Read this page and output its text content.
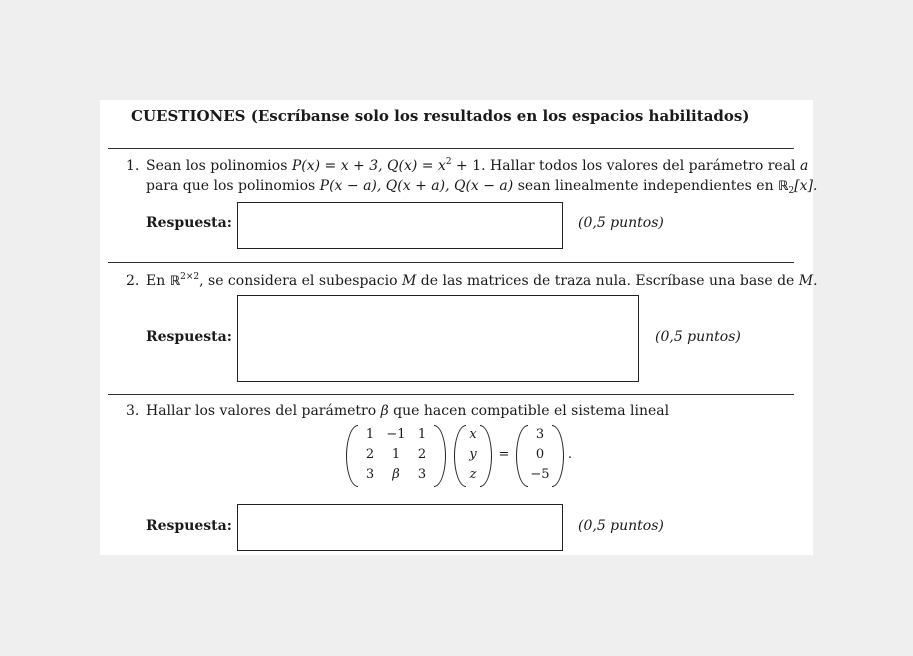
CUESTIONES (Escríbanse solo los resultados en los espacios habilitados)
1. Sean los polinomios P(x) = x + 3, $Q(x) = x^2 + 1$. Hallar todos los valores del parámetro real a
para que los polinomios P(x − a), Q(x + a), Q(x − a) sean linealmente independientes en ℝ$_2$[x].
Respuesta:	(0,5 puntos)
2. En ℝ$^{2\times 2}$, se considera el subespacio M de las matrices de traza nula. Escríbase una base de M.
Respuesta:	(0,5 puntos)
3. Hallar los valores del parámetro β que hacen compatible el sistema lineal
1 −1 1
2	1	2
3	β	3
x
y
z
=
3
0
−5
.
Respuesta:	(0,5 puntos)
